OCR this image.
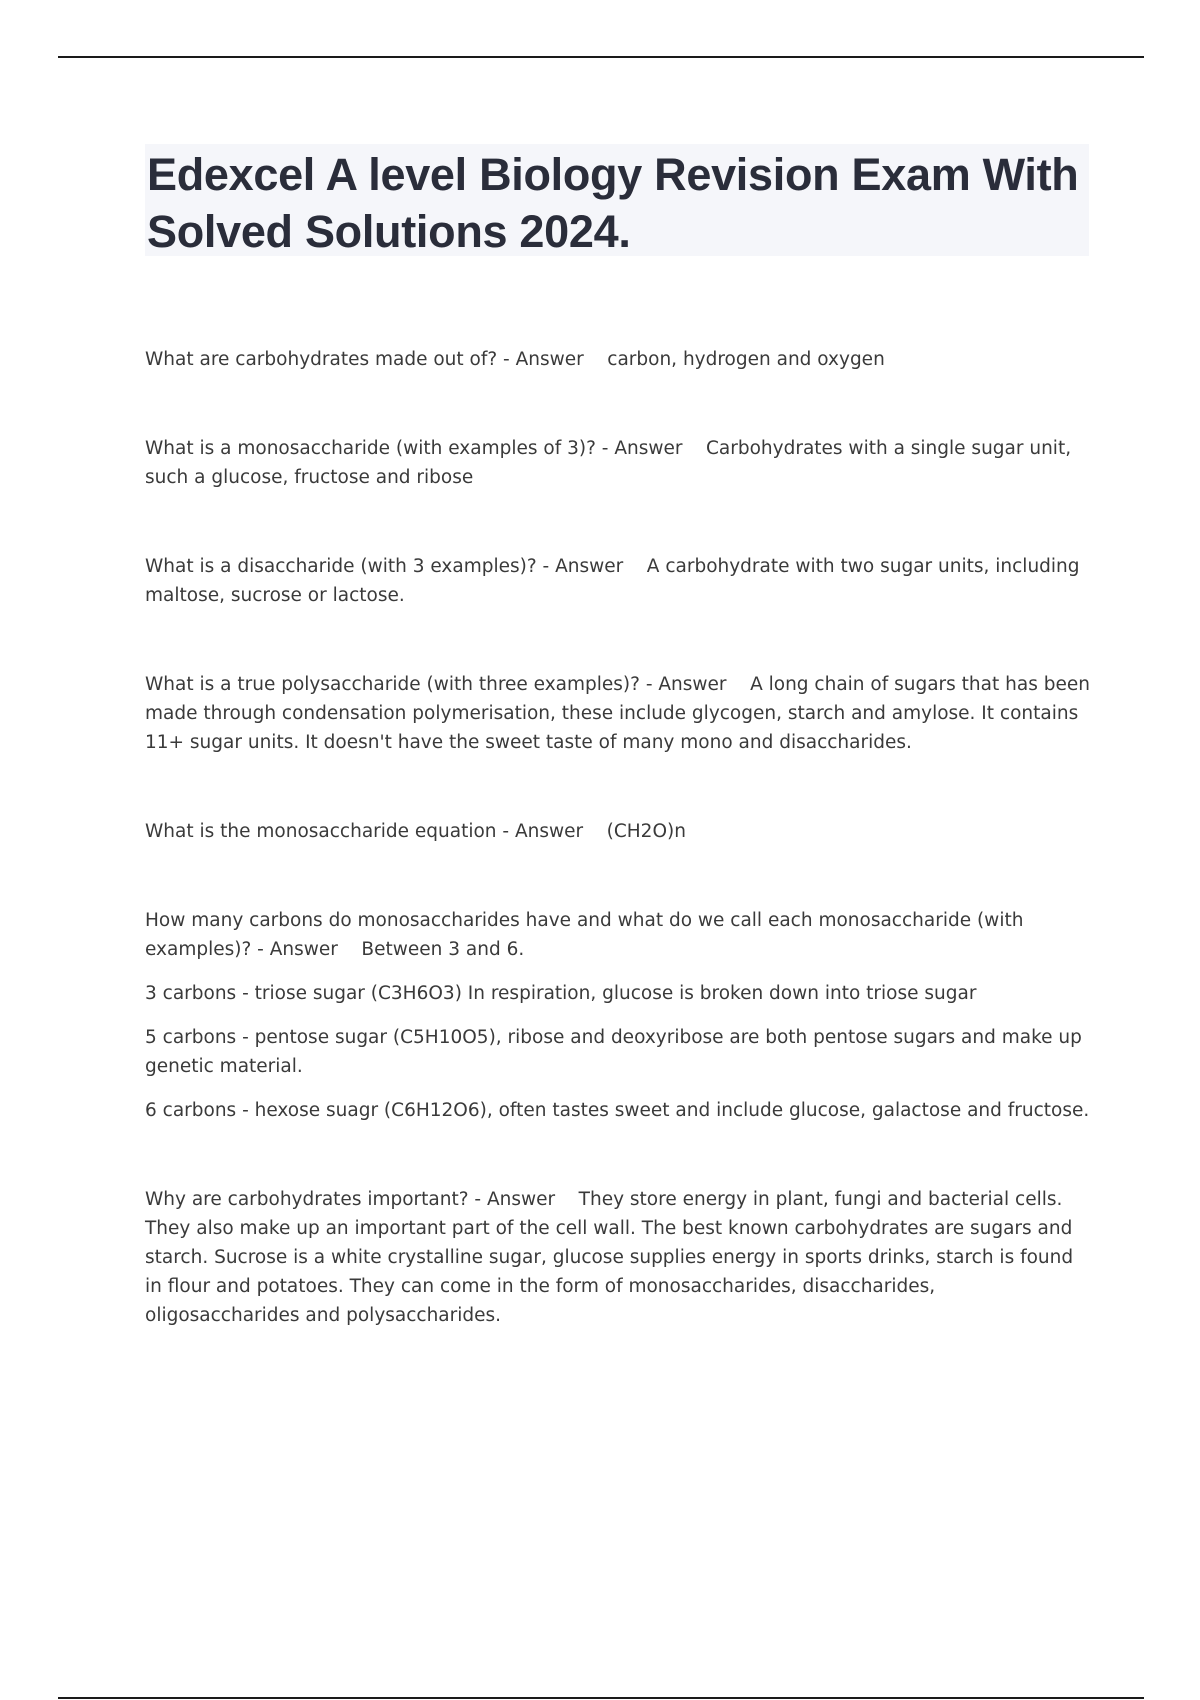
Edexcel A level Biology Revision Exam With Solved Solutions 2024.

What are carbohydrates made out of? - Answer carbon, hydrogen and oxygen

What is a monosaccharide (with examples of 3)? - Answer Carbohydrates with a single sugar unit, such a glucose, fructose and ribose

What is a disaccharide (with 3 examples)? - Answer A carbohydrate with two sugar units, including maltose, sucrose or lactose.

What is a true polysaccharide (with three examples)? - Answer A long chain of sugars that has been made through condensation polymerisation, these include glycogen, starch and amylose. It contains 11+ sugar units. It doesn't have the sweet taste of many mono and disaccharides.

What is the monosaccharide equation - Answer (CH2O)n

How many carbons do monosaccharides have and what do we call each monosaccharide (with examples)? - Answer Between 3 and 6.

3 carbons - triose sugar (C3H6O3) In respiration, glucose is broken down into triose sugar

5 carbons - pentose sugar (C5H10O5), ribose and deoxyribose are both pentose sugars and make up genetic material.

6 carbons - hexose suagr (C6H12O6), often tastes sweet and include glucose, galactose and fructose.

Why are carbohydrates important? - Answer They store energy in plant, fungi and bacterial cells. They also make up an important part of the cell wall. The best known carbohydrates are sugars and starch. Sucrose is a white crystalline sugar, glucose supplies energy in sports drinks, starch is found in flour and potatoes. They can come in the form of monosaccharides, disaccharides, oligosaccharides and polysaccharides.
